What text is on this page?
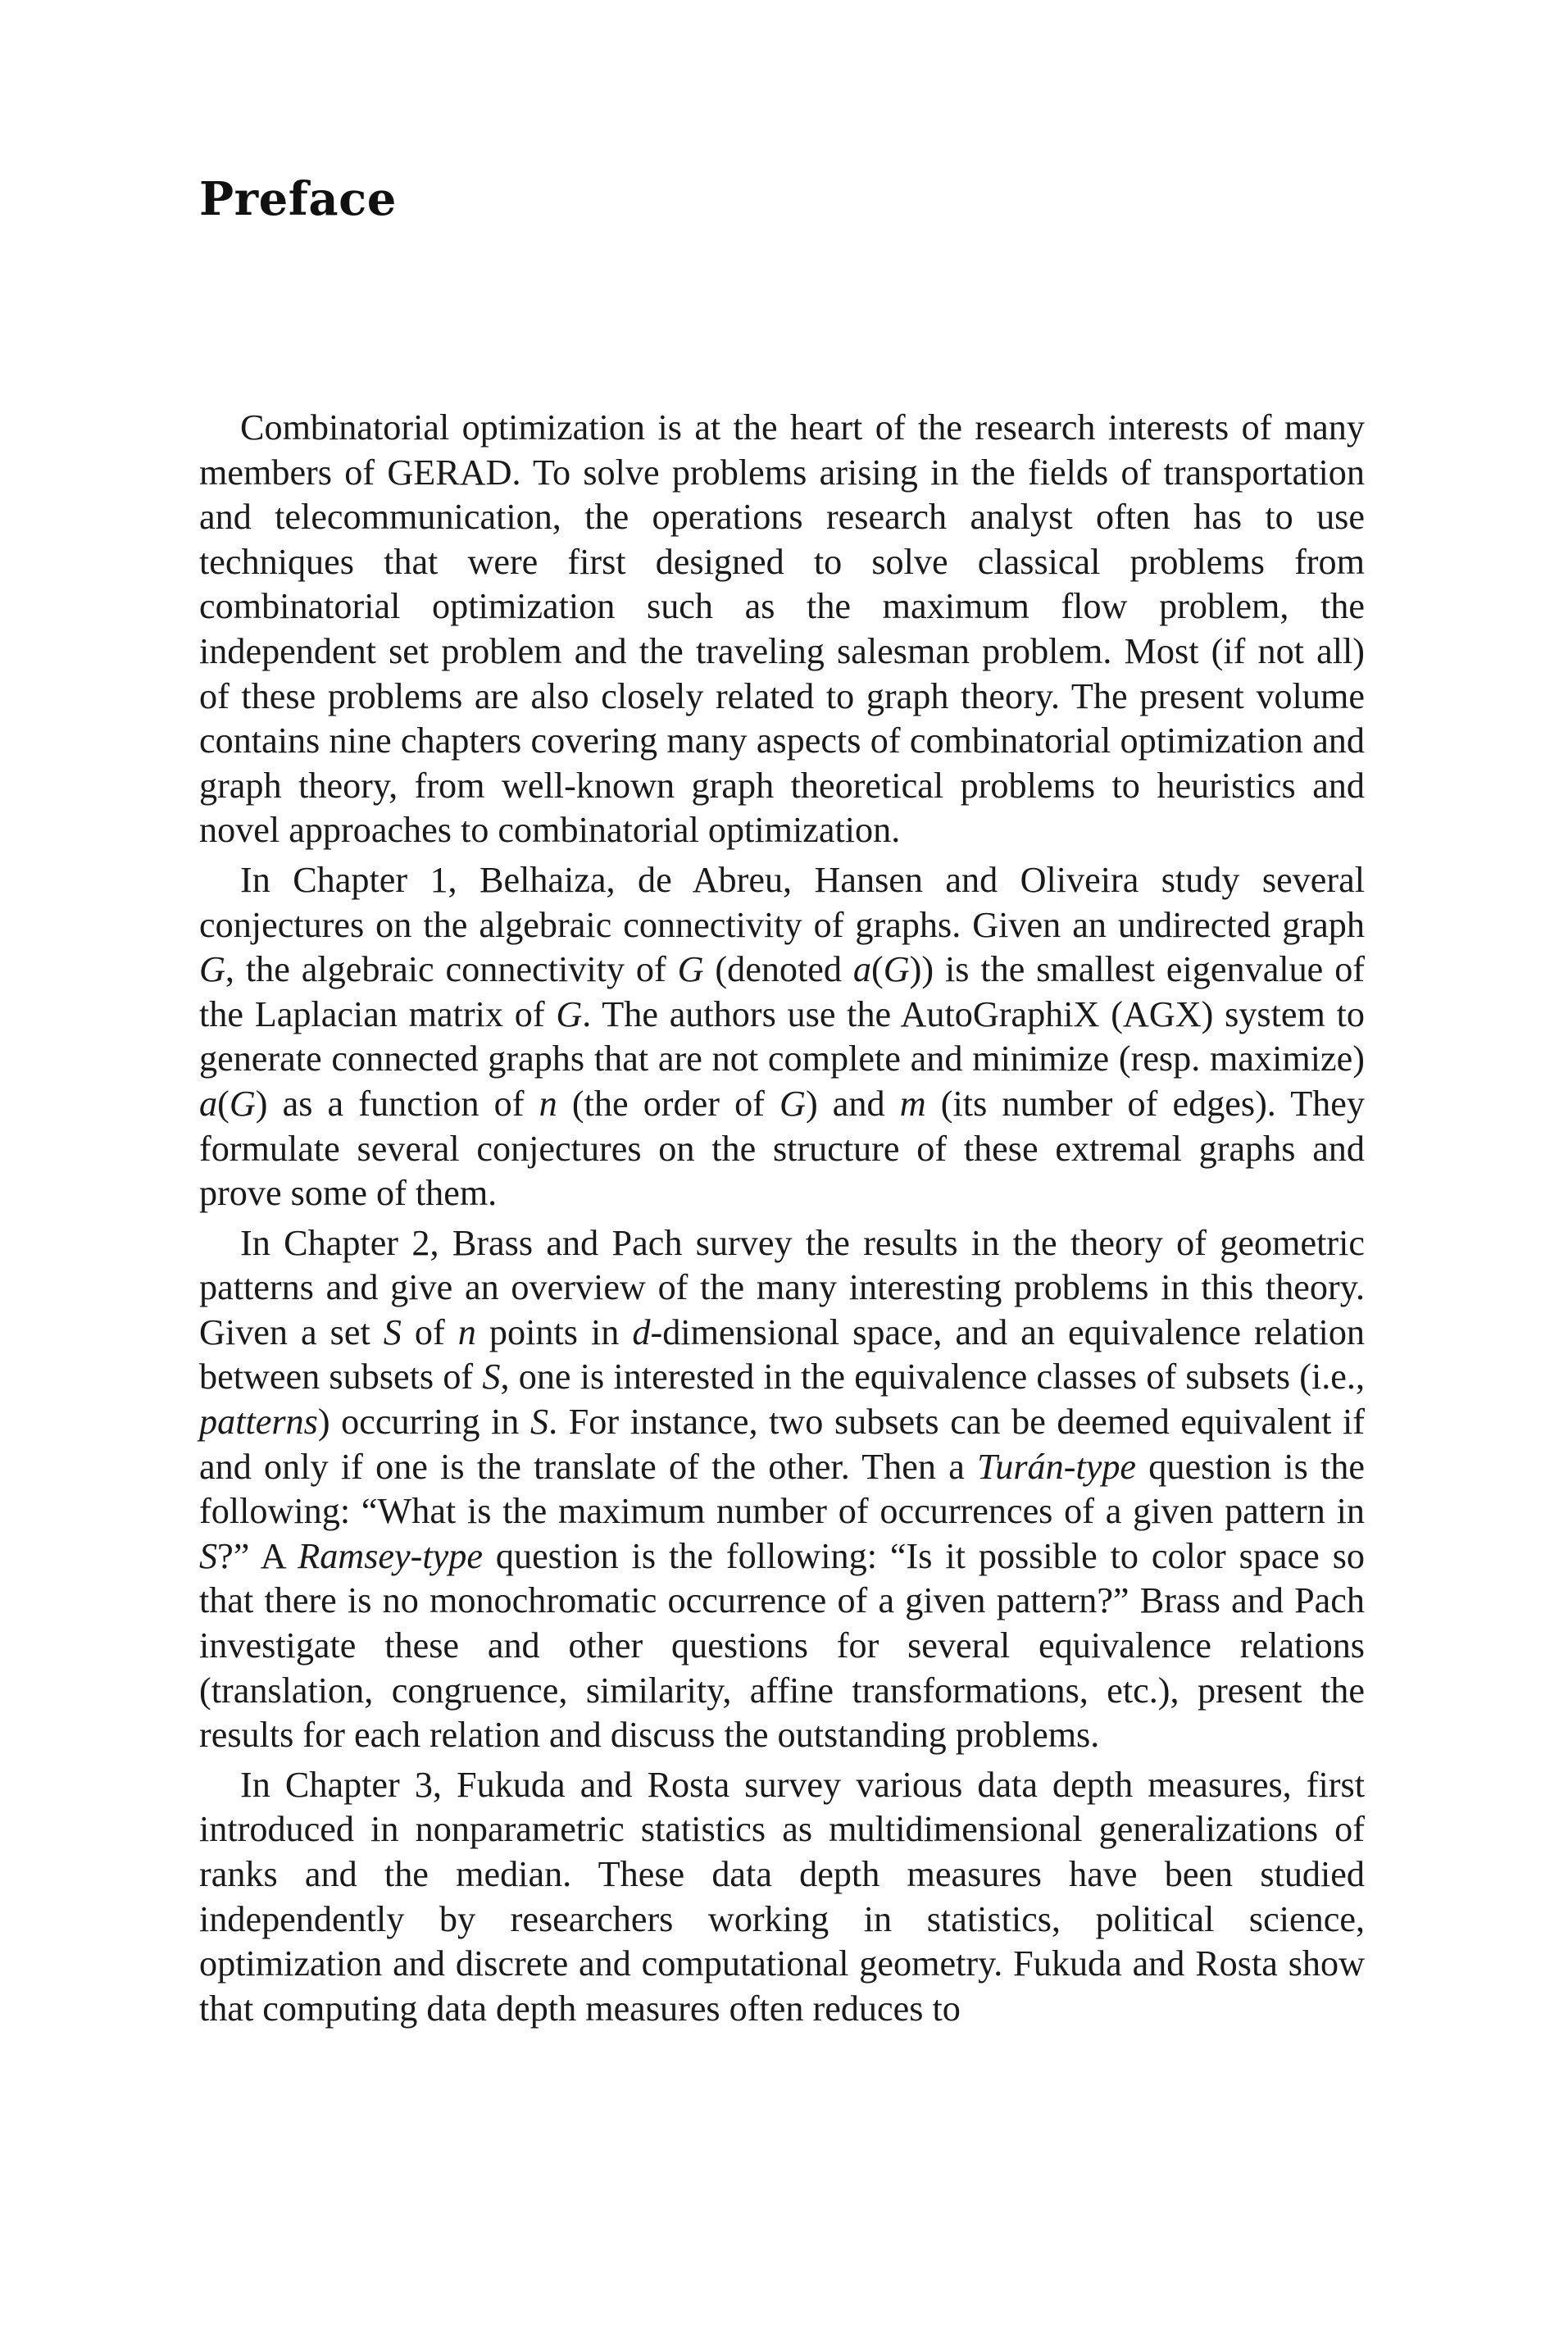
Preface

Combinatorial optimization is at the heart of the research interests of many members of GERAD. To solve problems arising in the fields of transportation and telecommunication, the operations research analyst often has to use techniques that were first designed to solve classical problems from combinatorial optimization such as the maximum flow problem, the independent set problem and the traveling salesman problem. Most (if not all) of these problems are also closely related to graph theory. The present volume contains nine chapters covering many aspects of combinatorial optimization and graph theory, from well-known graph theoretical problems to heuristics and novel approaches to combinatorial optimization.

In Chapter 1, Belhaiza, de Abreu, Hansen and Oliveira study several conjectures on the algebraic connectivity of graphs. Given an undirected graph G, the algebraic connectivity of G (denoted a(G)) is the smallest eigenvalue of the Laplacian matrix of G. The authors use the AutoGraphiX (AGX) system to generate connected graphs that are not complete and minimize (resp. maximize) a(G) as a function of n (the order of G) and m (its number of edges). They formulate several conjectures on the structure of these extremal graphs and prove some of them.

In Chapter 2, Brass and Pach survey the results in the theory of geometric patterns and give an overview of the many interesting problems in this theory. Given a set S of n points in d-dimensional space, and an equivalence relation between subsets of S, one is interested in the equivalence classes of subsets (i.e., patterns) occurring in S. For instance, two subsets can be deemed equivalent if and only if one is the translate of the other. Then a Turán-type question is the following: “What is the maximum number of occurrences of a given pattern in S?” A Ramsey-type question is the following: “Is it possible to color space so that there is no monochromatic occurrence of a given pattern?” Brass and Pach investigate these and other questions for several equivalence relations (translation, congruence, similarity, affine transformations, etc.), present the results for each relation and discuss the outstanding problems.

In Chapter 3, Fukuda and Rosta survey various data depth measures, first introduced in nonparametric statistics as multidimensional generalizations of ranks and the median. These data depth measures have been studied independently by researchers working in statistics, political science, optimization and discrete and computational geometry. Fukuda and Rosta show that computing data depth measures often reduces to
